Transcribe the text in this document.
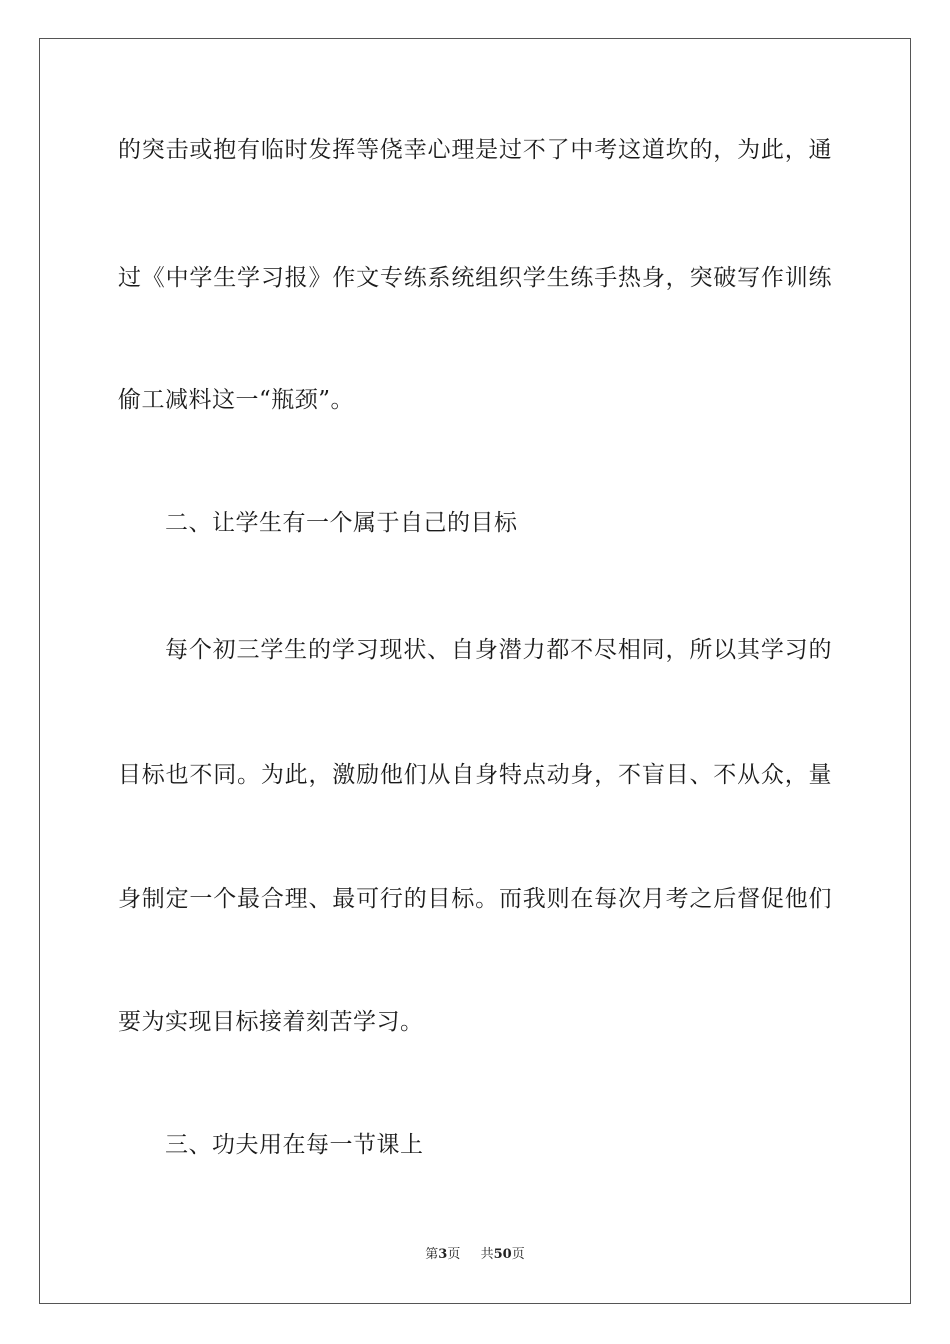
的突击或抱有临时发挥等侥幸心理是过不了中考这道坎的，为此，通
过《中学生学习报》作文专练系统组织学生练手热身，突破写作训练
偷工减料这一“瓶颈”。
二、让学生有一个属于自己的目标
每个初三学生的学习现状、自身潜力都不尽相同，所以其学习的
目标也不同。为此，激励他们从自身特点动身，不盲目、不从众，量
身制定一个最合理、最可行的目标。而我则在每次月考之后督促他们
要为实现目标接着刻苦学习。
三、功夫用在每一节课上
第3页 共50页
